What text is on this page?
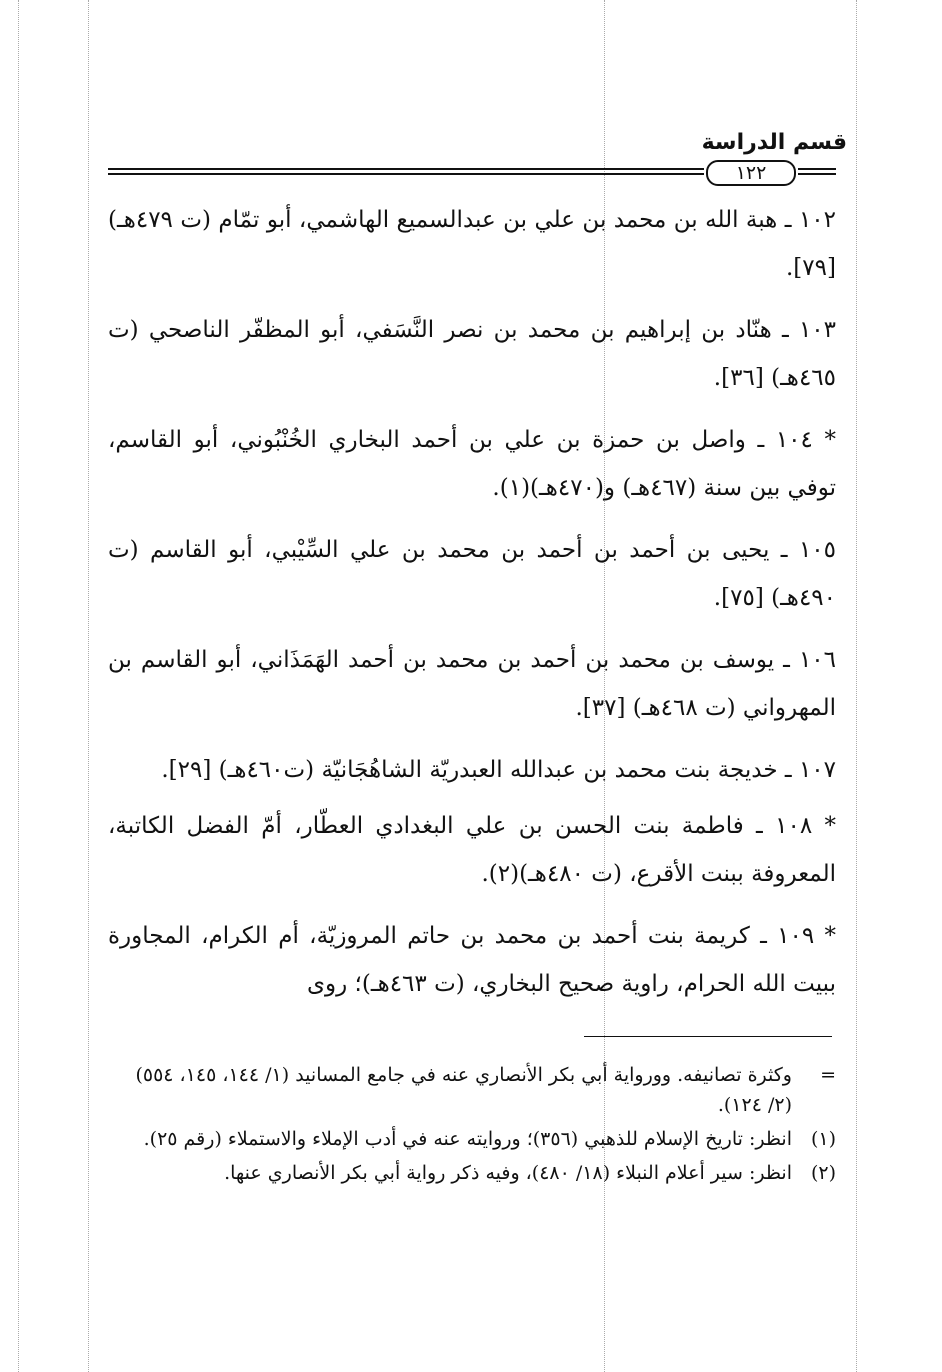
قسم الدراسة
١٢٢

١٠٢ ـ هبة الله بن محمد بن علي بن عبدالسميع الهاشمي، أبو تمّام (ت ٤٧٩هـ) [٧٩].

١٠٣ ـ هنّاد بن إبراهيم بن محمد بن نصر النَّسَفي، أبو المظفّر الناصحي (ت ٤٦٥هـ) [٣٦].

* ١٠٤ ـ واصل بن حمزة بن علي بن أحمد البخاري الخُنْبُوني، أبو القاسم، توفي بين سنة (٤٦٧هـ) و(٤٧٠هـ)(١).

١٠٥ ـ يحيى بن أحمد بن أحمد بن محمد بن علي السِّيْبي، أبو القاسم (ت ٤٩٠هـ) [٧٥].

١٠٦ ـ يوسف بن محمد بن أحمد بن محمد بن أحمد الهَمَذَاني، أبو القاسم بن المهرواني (ت ٤٦٨هـ) [٣٧].

١٠٧ ـ خديجة بنت محمد بن عبدالله العبدريّة الشاهُجَانيّة (ت٤٦٠هـ) [٢٩].

* ١٠٨ ـ فاطمة بنت الحسن بن علي البغدادي العطّار، أمّ الفضل الكاتبة، المعروفة ببنت الأقرع، (ت ٤٨٠هـ)(٢).

* ١٠٩ ـ كريمة بنت أحمد بن محمد بن حاتم المروزيّة، أم الكرام، المجاورة ببيت الله الحرام، راوية صحيح البخاري، (ت ٤٦٣هـ)؛ روى

=
وكثرة تصانيفه. وورواية أبي بكر الأنصاري عنه في جامع المسانيد (١/ ١٤٤، ١٤٥، ٥٥٤) (٢/ ١٢٤).
(١)
انظر: تاريخ الإسلام للذهبي (٣٥٦)؛ وروايته عنه في أدب الإملاء والاستملاء (رقم ٢٥).
(٢)
انظر: سير أعلام النبلاء (١٨/ ٤٨٠)، وفيه ذكر رواية أبي بكر الأنصاري عنها.
